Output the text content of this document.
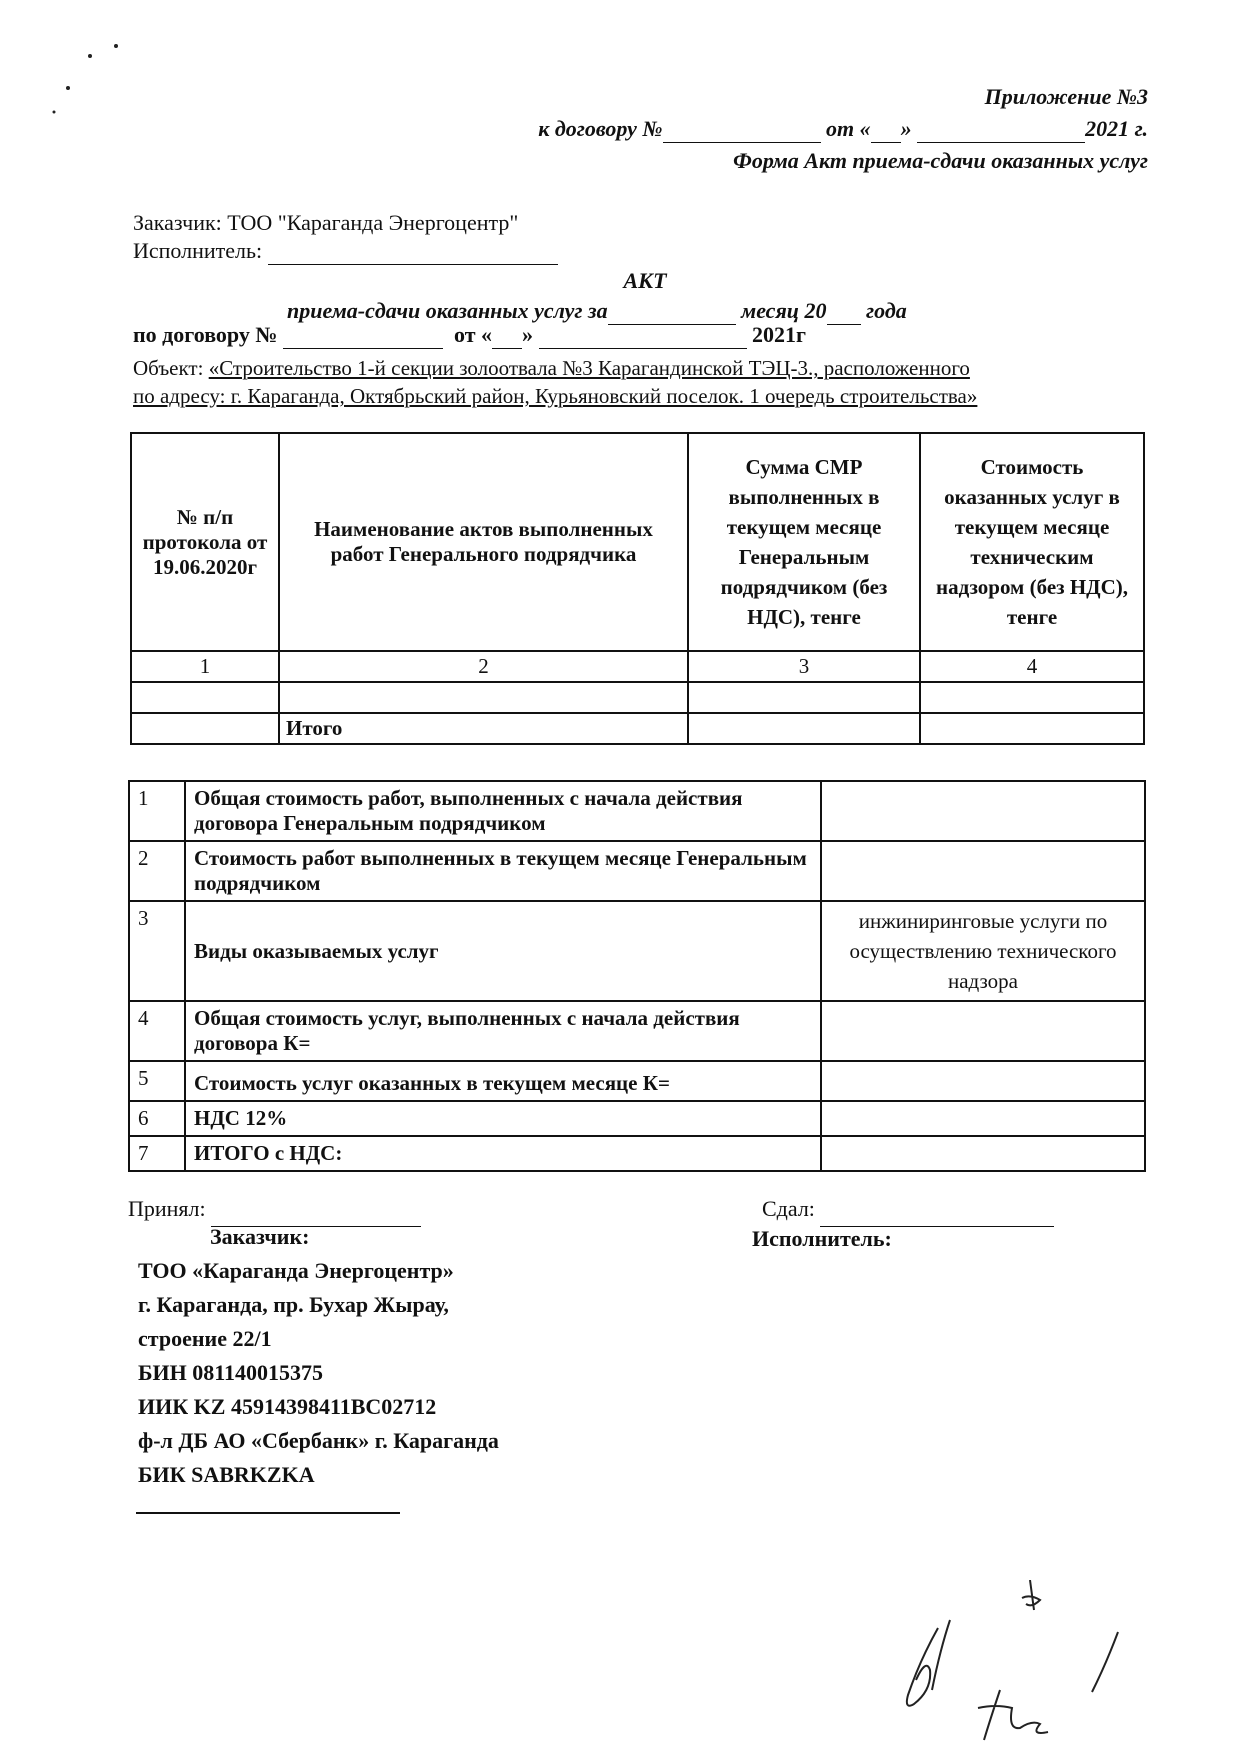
Приложение №3
к договору №	от « »	2021 г.
Форма Акт приема-сдачи оказанных услуг
Заказчик: ТОО "Караганда Энергоцентр"
Исполнитель:
АКТ
приема-сдачи оказанных услуг за	месяц 20 года
по договору №	от « »	2021г
Объект: «Строительство 1-й секции золоотвала №3 Карагандинской ТЭЦ-3., расположенного
по адресу: г. Караганда, Октябрьский район, Курьяновский поселок. 1 очередь строительства»
№ п/п протокола от 19.06.2020г	Наименование актов выполненных работ Генерального подрядчика	Сумма СМР выполненных в текущем месяце Генеральным подрядчиком (без НДС), тенге	Стоимость оказанных услуг в текущем месяце техническим надзором (без НДС), тенге
1	2	3	4

	Итого		
1	Общая стоимость работ, выполненных с начала действия договора Генеральным подрядчиком	
2	Стоимость работ выполненных в текущем месяце Генеральным подрядчиком	
3	Виды оказываемых услуг	инжиниринговые услуги по осуществлению технического надзора
4	Общая стоимость услуг, выполненных с начала действия договора К=	
5	Стоимость услуг оказанных в текущем месяце К=	
6	НДС 12%	
7	ИТОГО с НДС:	
Принял:
Заказчик:
Сдал:
Исполнитель:
ТОО «Караганда Энергоцентр»
г. Караганда, пр. Бухар Жырау,
строение 22/1
БИН 081140015375
ИИК KZ 45914398411BC02712
ф-л ДБ АО «Сбербанк» г. Караганда
БИК SABRKZKA
